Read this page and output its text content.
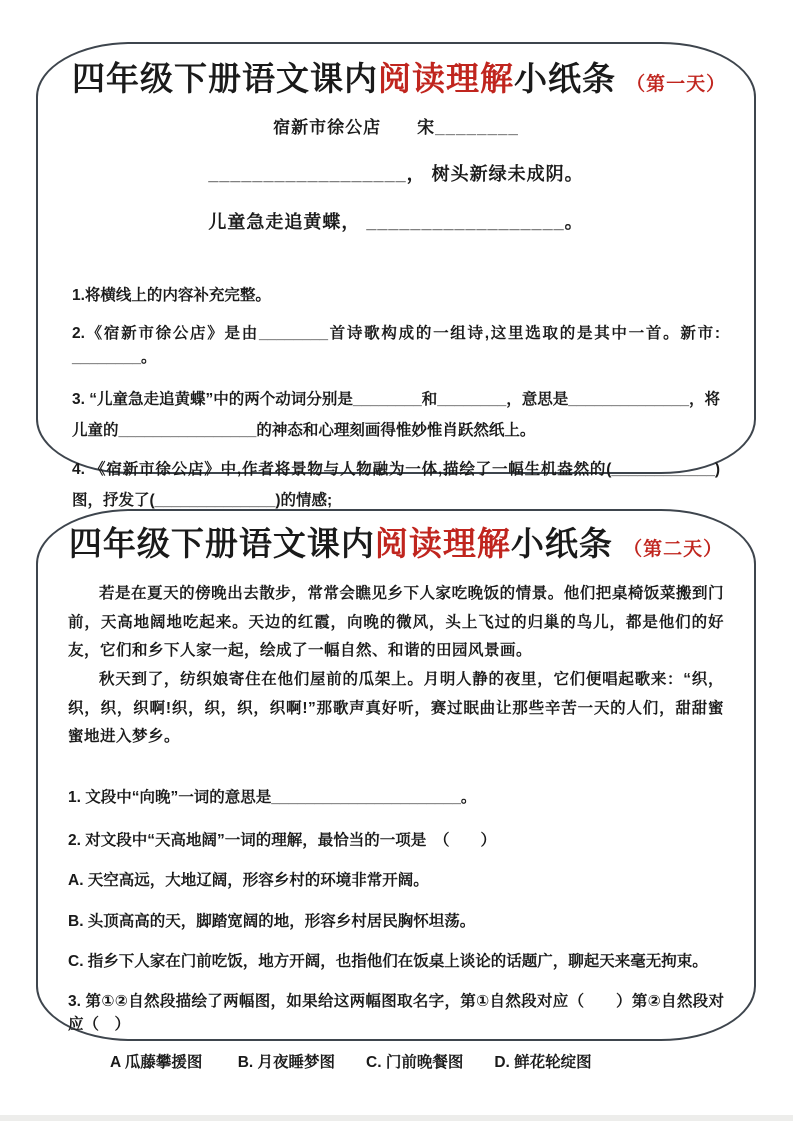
四年级下册语文课内阅读理解小纸条 （第一天）
宿新市徐公店　　宋________
__________________， 树头新绿未成阴。
儿童急走追黄蝶， __________________。
1.将横线上的内容补充完整。
2.《宿新市徐公店》是由________首诗歌构成的一组诗,这里选取的是其中一首。新市: ________。
3. “儿童急走追黄蝶”中的两个动词分别是________和________，意思是______________，将儿童的________________的神态和心理刻画得惟妙惟肖跃然纸上。
4. 《宿新市徐公店》中,作者将景物与人物融为一体,描绘了一幅生机盎然的(____________)图，抒发了(______________)的情感;
四年级下册语文课内阅读理解小纸条 （第二天）
若是在夏天的傍晚出去散步，常常会瞧见乡下人家吃晚饭的情景。他们把桌椅饭菜搬到门前，天高地阔地吃起来。天边的红霞，向晚的微风，头上飞过的归巢的鸟儿，都是他们的好友，它们和乡下人家一起，绘成了一幅自然、和谐的田园风景画。
秋天到了，纺织娘寄住在他们屋前的瓜架上。月明人静的夜里，它们便唱起歌来：“织，织，织，织啊!织，织，织，织啊!”那歌声真好听，赛过眠曲让那些辛苦一天的人们，甜甜蜜蜜地进入梦乡。
1. 文段中“向晚”一词的意思是______________________。
2. 对文段中“天高地阔”一词的理解，最恰当的一项是　（　　）
A. 天空高远，大地辽阔，形容乡村的环境非常开阔。
B. 头顶高高的天，脚踏宽阔的地，形容乡村居民胸怀坦荡。
C. 指乡下人家在门前吃饭，地方开阔，也指他们在饭桌上谈论的话题广，聊起天来毫无拘束。
3. 第①②自然段描绘了两幅图，如果给这两幅图取名字，第①自然段对应（　　）第②自然段对应（　）
A 瓜藤攀援图　　 B. 月夜睡梦图　　C. 门前晚餐图　　D. 鲜花轮绽图
